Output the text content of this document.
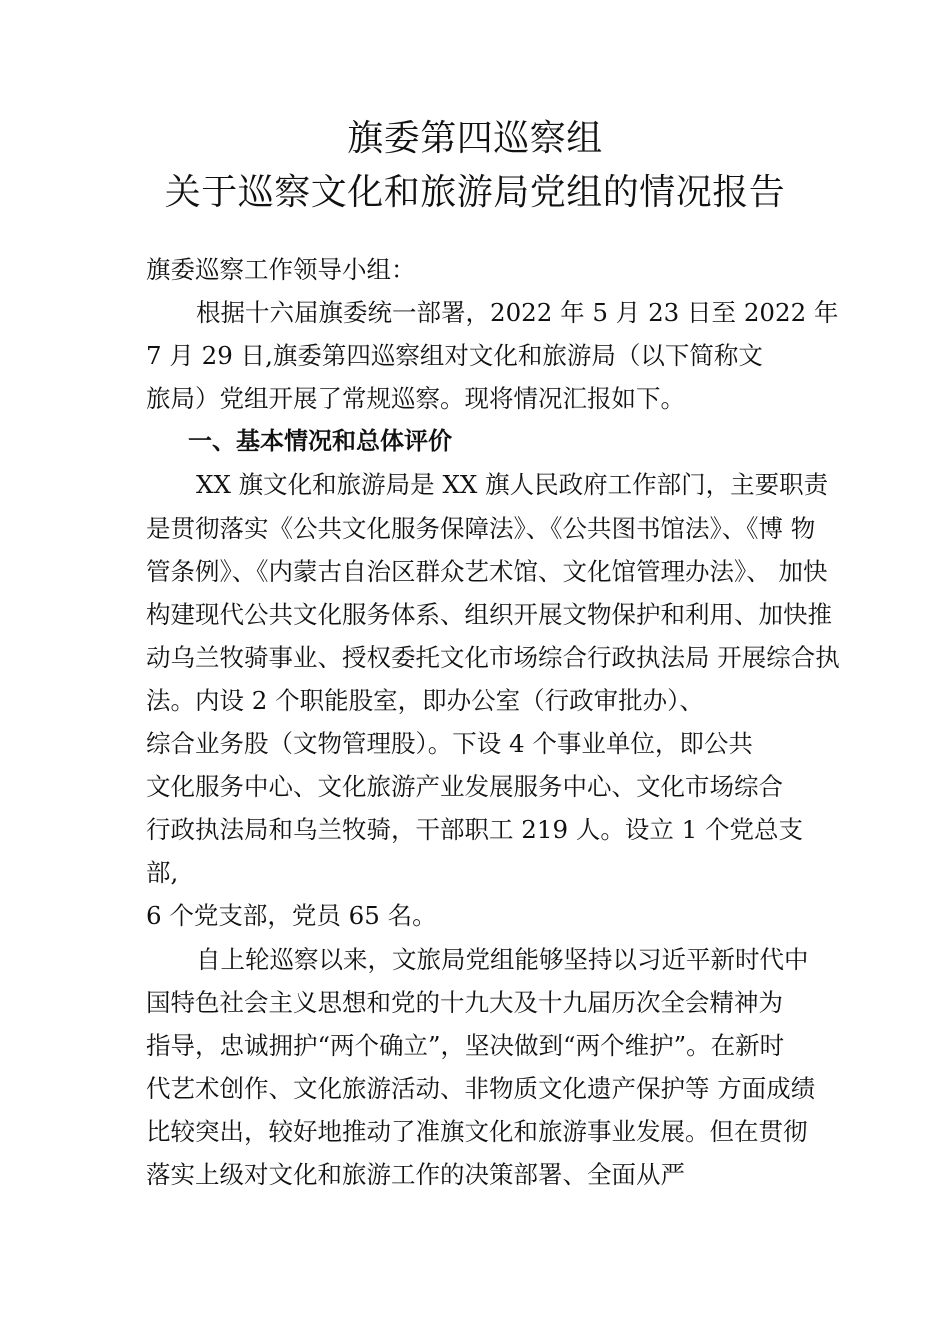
旗委第四巡察组
关于巡察文化和旅游局党组的情况报告
旗委巡察工作领导小组：
根据十六届旗委统一部署，2022 年 5 月 23 日至 2022 年
7 月 29 日,旗委第四巡察组对文化和旅游局（以下简称文
旅局）党组开展了常规巡察。现将情况汇报如下。
一、基本情况和总体评价
XX 旗文化和旅游局是 XX 旗人民政府工作部门，主要职责
是贯彻落实《公共文化服务保障法》、《公共图书馆法》、《博 物
管条例》、《内蒙古自治区群众艺术馆、文化馆管理办法》、 加快
构建现代公共文化服务体系、组织开展文物保护和利用、加快推
动乌兰牧骑事业、授权委托文化市场综合行政执法局 开展综合执
法。内设 2 个职能股室，即办公室（行政审批办）、
综合业务股（文物管理股）。下设 4 个事业单位，即公共
文化服务中心、文化旅游产业发展服务中心、文化市场综合
行政执法局和乌兰牧骑，干部职工 219 人。设立 1 个党总支
部,
6 个党支部，党员 65 名。
自上轮巡察以来，文旅局党组能够坚持以习近平新时代中
国特色社会主义思想和党的十九大及十九届历次全会精神为
指导，忠诚拥护“两个确立”，坚决做到“两个维护”。在新时
代艺术创作、文化旅游活动、非物质文化遗产保护等 方面成绩
比较突出，较好地推动了准旗文化和旅游事业发展。但在贯彻
落实上级对文化和旅游工作的决策部署、全面从严
